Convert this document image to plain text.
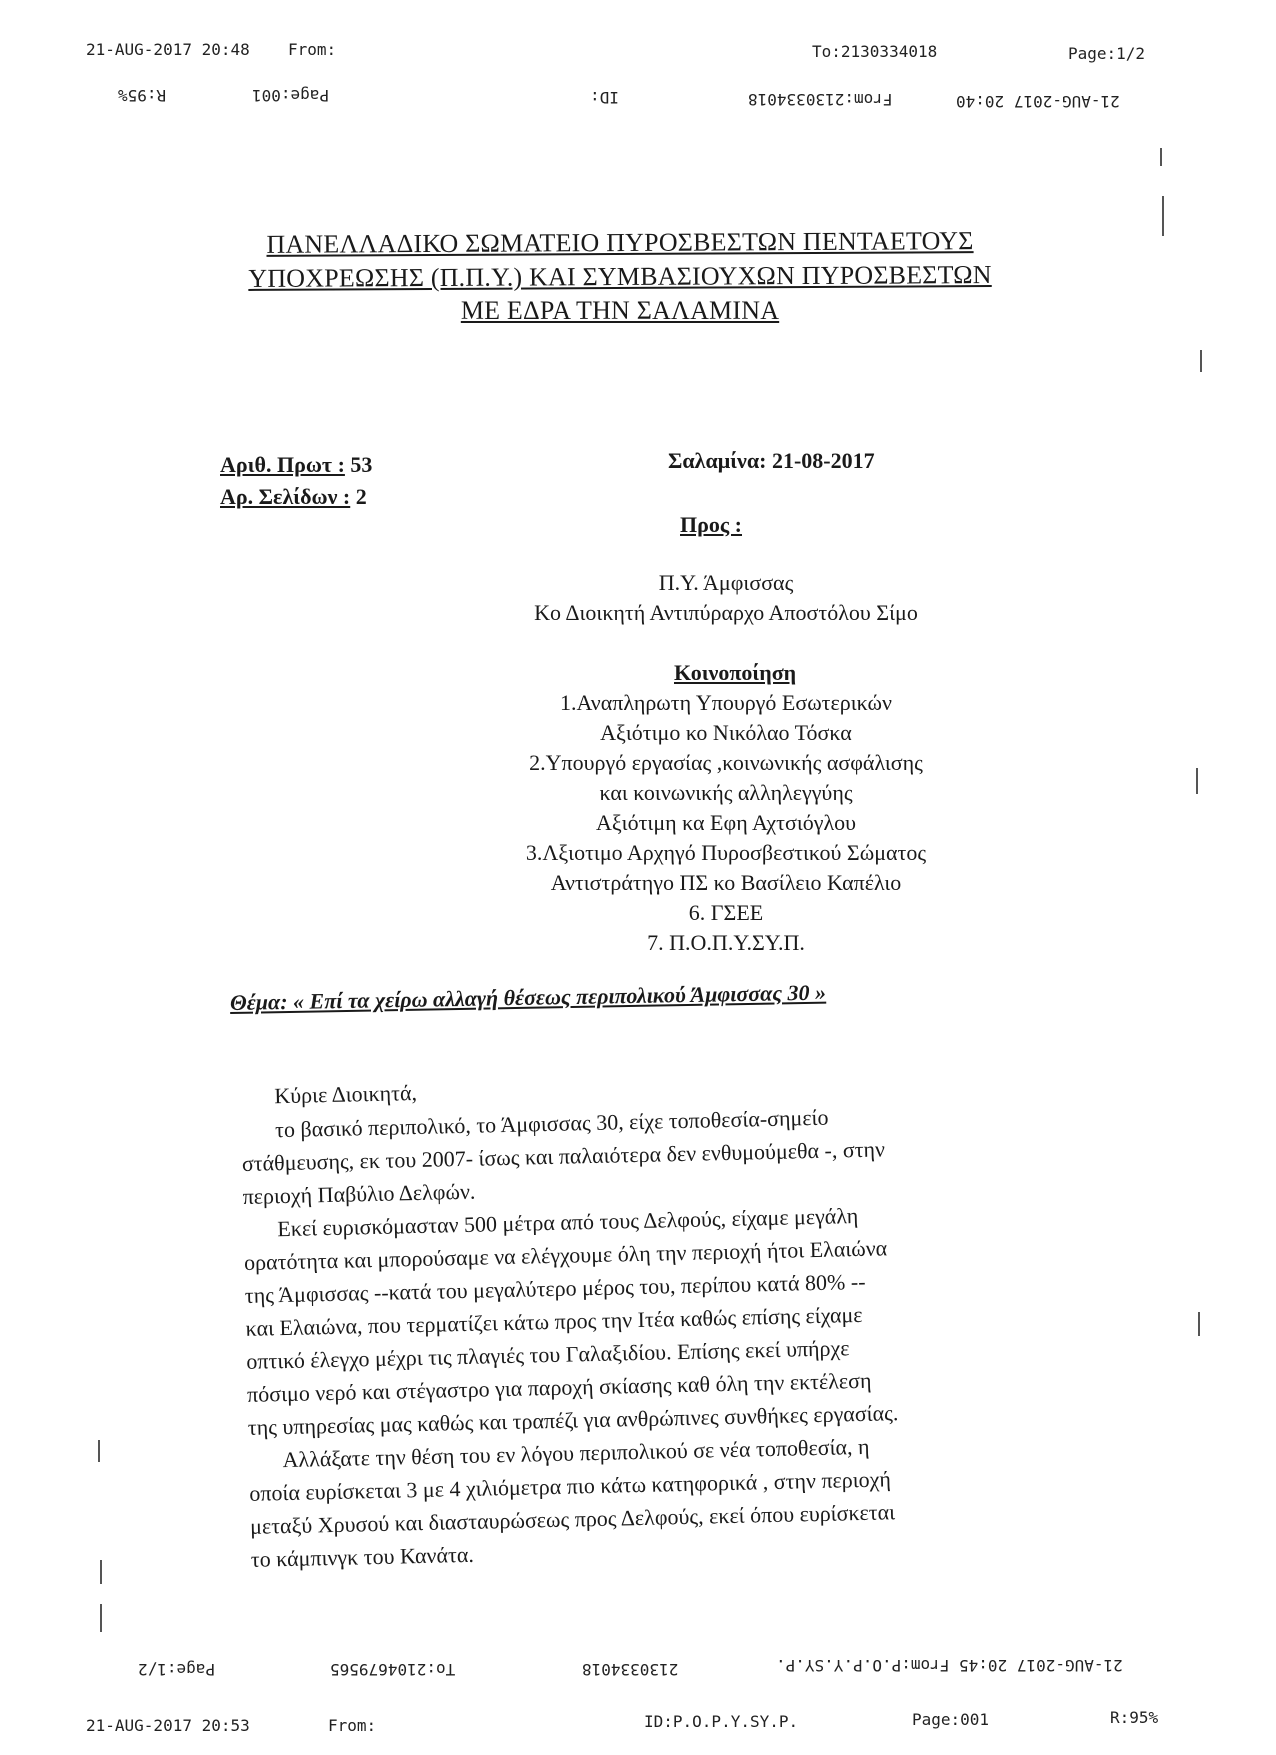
21-AUG-2017 20:48 From:	To:2130334018	Page:1/2
R:95%	Page:001	ID:	From:2130334018	21-AUG-2017 20:40
ΠΑΝΕΛΛΑΔΙΚΟ ΣΩΜΑΤΕΙΟ ΠΥΡΟΣΒΕΣΤΩΝ ΠΕΝΤΑΕΤΟΥΣ
ΥΠΟΧΡΕΩΣΗΣ (Π.Π.Υ.) ΚΑΙ ΣΥΜΒΑΣΙΟΥΧΩΝ ΠΥΡΟΣΒΕΣΤΩΝ
ΜΕ ΕΔΡΑ ΤΗΝ ΣΑΛΑΜΙΝΑ
Αριθ. Πρωτ : 53
Αρ. Σελίδων : 2
Σαλαμίνα: 21-08-2017
Προς :
Π.Υ. Άμφισσας
Κο Διοικητή Αντιπύραρχο Αποστόλου Σίμο
Κοινοποίηση
1.Αναπληρωτη Υπουργό Εσωτερικών
Αξιότιμο κο Νικόλαο Τόσκα
2.Υπουργό εργασίας ,κοινωνικής ασφάλισης
και κοινωνικής αλληλεγγύης
Αξιότιμη κα Εφη Αχτσιόγλου
3.Λξιοτιμο Αρχηγό Πυροσβεστικού Σώματος
Αντιστράτηγο ΠΣ κο Βασίλειο Καπέλιο
6. ΓΣΕΕ
7. Π.Ο.Π.Υ.ΣΥ.Π.
Θέμα: « Επί τα χείρω αλλαγή θέσεως περιπολικού Άμφισσας 30 »
Κύριε Διοικητά,
το βασικό περιπολικό, το Άμφισσας 30, είχε τοποθεσία-σημείο
στάθμευσης, εκ του 2007- ίσως και παλαιότερα δεν ενθυμούμεθα -, στην
περιοχή Παβύλιο Δελφών.
Εκεί ευρισκόμασταν 500 μέτρα από τους Δελφούς, είχαμε μεγάλη
ορατότητα και μπορούσαμε να ελέγχουμε όλη την περιοχή ήτοι Ελαιώνα
της Άμφισσας --κατά του μεγαλύτερο μέρος του, περίπου κατά 80% --
και Ελαιώνα, που τερματίζει κάτω προς την Ιτέα καθώς επίσης είχαμε
οπτικό έλεγχο μέχρι τις πλαγιές του Γαλαξιδίου. Επίσης εκεί υπήρχε
πόσιμο νερό και στέγαστρο για παροχή σκίασης καθ όλη την εκτέλεση
της υπηρεσίας μας καθώς και τραπέζι για ανθρώπινες συνθήκες εργασίας.
Αλλάξατε την θέση του εν λόγου περιπολικού σε νέα τοποθεσία, η
οποία ευρίσκεται 3 με 4 χιλιόμετρα πιο κάτω κατηφορικά , στην περιοχή
μεταξύ Χρυσού και διασταυρώσεως προς Δελφούς, εκεί όπου ευρίσκεται
το κάμπινγκ του Κανάτα.
Page:1/2	To:2104679565	2130334018	21-AUG-2017 20:45 From:P.O.P.Y.SY.P.
21-AUG-2017 20:53	From:	ID:P.O.P.Y.SY.P.	Page:001	R:95%
